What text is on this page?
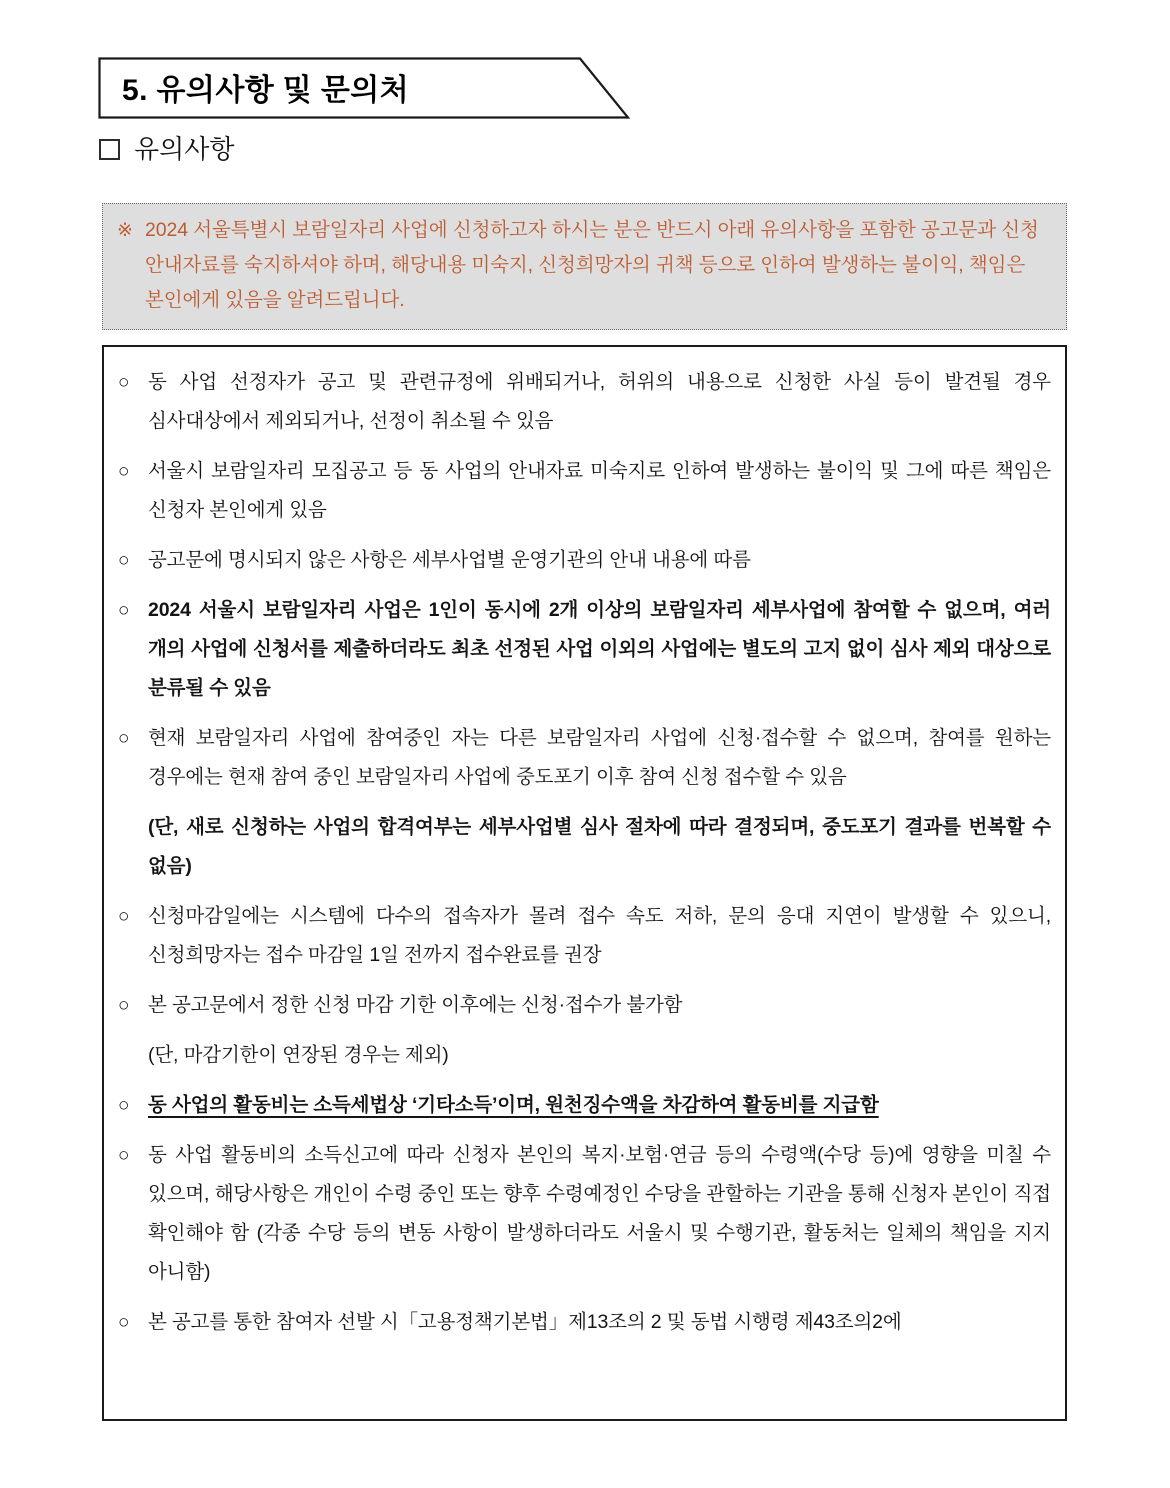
5. 유의사항 및 문의처
유의사항
※ 2024 서울특별시 보람일자리 사업에 신청하고자 하시는 분은 반드시 아래 유의사항을 포함한 공고문과 신청 안내자료를 숙지하셔야 하며, 해당내용 미숙지, 신청희망자의 귀책 등으로 인하여 발생하는 불이익, 책임은 본인에게 있음을 알려드립니다.
○ 동 사업 선정자가 공고 및 관련규정에 위배되거나, 허위의 내용으로 신청한 사실 등이 발견될 경우 심사대상에서 제외되거나, 선정이 취소될 수 있음
○ 서울시 보람일자리 모집공고 등 동 사업의 안내자료 미숙지로 인하여 발생하는 불이익 및 그에 따른 책임은 신청자 본인에게 있음
○ 공고문에 명시되지 않은 사항은 세부사업별 운영기관의 안내 내용에 따름
○ 2024 서울시 보람일자리 사업은 1인이 동시에 2개 이상의 보람일자리 세부사업에 참여할 수 없으며, 여러 개의 사업에 신청서를 제출하더라도 최초 선정된 사업 이외의 사업에는 별도의 고지 없이 심사 제외 대상으로 분류될 수 있음
○ 현재 보람일자리 사업에 참여중인 자는 다른 보람일자리 사업에 신청·접수할 수 없으며, 참여를 원하는 경우에는 현재 참여 중인 보람일자리 사업에 중도포기 이후 참여 신청 접수할 수 있음
(단, 새로 신청하는 사업의 합격여부는 세부사업별 심사 절차에 따라 결정되며, 중도포기 결과를 번복할 수 없음)
○ 신청마감일에는 시스템에 다수의 접속자가 몰려 접수 속도 저하, 문의 응대 지연이 발생할 수 있으니, 신청희망자는 접수 마감일 1일 전까지 접수완료를 권장
○ 본 공고문에서 정한 신청 마감 기한 이후에는 신청·접수가 불가함
(단, 마감기한이 연장된 경우는 제외)
○ 동 사업의 활동비는 소득세법상 ‘기타소득’이며, 원천징수액을 차감하여 활동비를 지급함
○ 동 사업 활동비의 소득신고에 따라 신청자 본인의 복지·보험·연금 등의 수령액(수당 등)에 영향을 미칠 수 있으며, 해당사항은 개인이 수령 중인 또는 향후 수령예정인 수당을 관할하는 기관을 통해 신청자 본인이 직접 확인해야 함 (각종 수당 등의 변동 사항이 발생하더라도 서울시 및 수행기관, 활동처는 일체의 책임을 지지 아니함)
○ 본 공고를 통한 참여자 선발 시「고용정책기본법」제13조의 2 및 동법 시행령 제43조의2에
